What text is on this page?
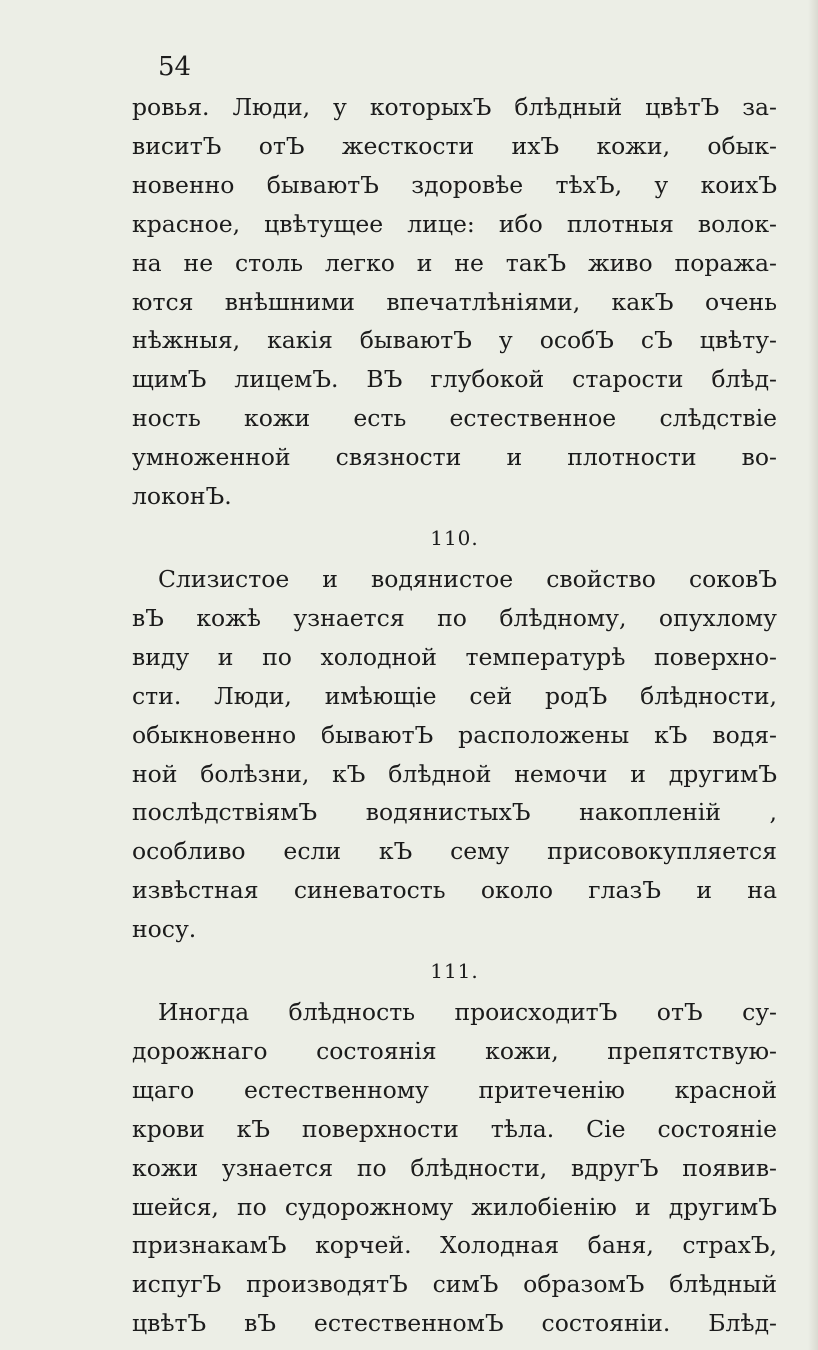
54
ровья. Люди, у которыхЪ блѣдный цвѣтЪ за-
виситЪ отЪ жесткости ихЪ кожи, обык-
новенно бываютЪ здоровѣе тѣхЪ, у коихЪ
красное, цвѣтущее лице: ибо плотныя волок-
на не столь легко и не такЪ живо поража-
ются внѣшними впечатлѣніями, какЪ очень
нѣжныя, какія бываютЪ у особЪ сЪ цвѣту-
щимЪ лицемЪ. ВЪ глубокой старости блѣд-
ность кожи есть естественное слѣдствіе
умноженной связности и плотности во-
локонЪ.
110.
Слизистое и водянистое свойство соковЪ
вЪ кожѣ узнается по блѣдному, опухлому
виду и по холодной температурѣ поверхно-
сти. Люди, имѣющіе сей родЪ блѣдности,
обыкновенно бываютЪ расположены кЪ водя-
ной болѣзни, кЪ блѣдной немочи и другимЪ
послѣдствіямЪ водянистыхЪ накопленій ,
особливо если кЪ сему присовокупляется
извѣстная синеватость около глазЪ и на
носу.
111.
Иногда блѣдность происходитЪ отЪ су-
дорожнаго состоянія кожи, препятствую-
щаго естественному притеченію красной
крови кЪ поверхности тѣла. Сіе состояніе
кожи узнается по блѣдности, вдругЪ появив-
шейся, по судорожному жилобіенію и другимЪ
признакамЪ корчей. Холодная баня, страхЪ,
испугЪ производятЪ симЪ образомЪ блѣдный
цвѣтЪ вЪ естественномЪ состояніи. Блѣд-
